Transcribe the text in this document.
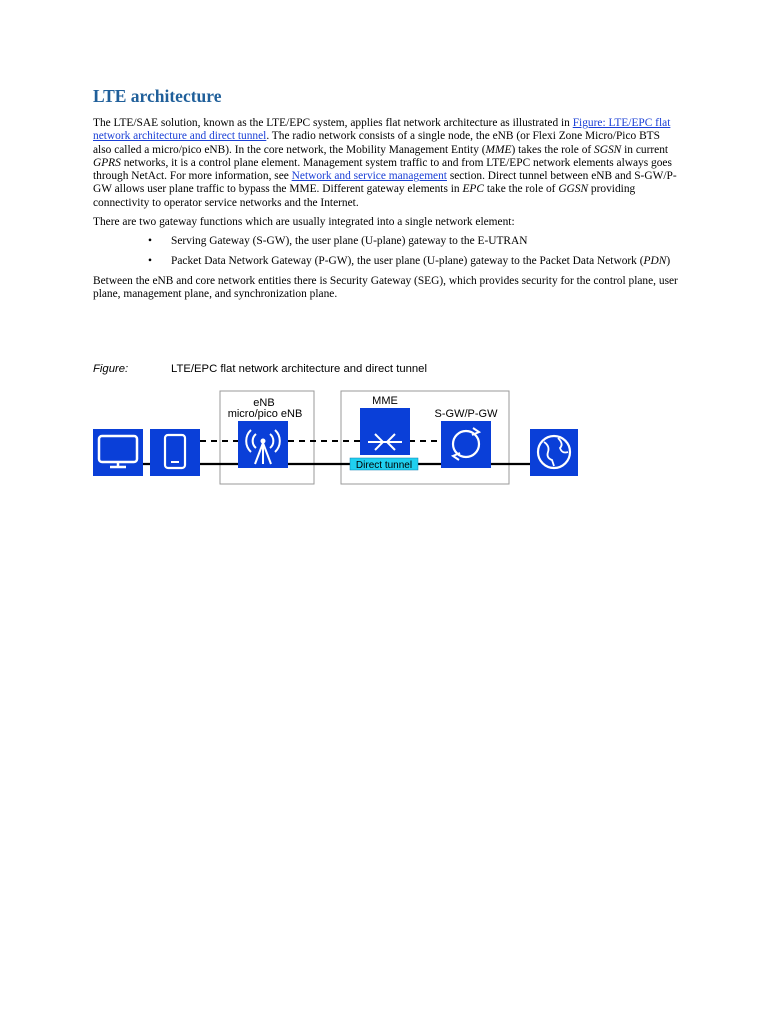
LTE architecture

The LTE/SAE solution, known as the LTE/EPC system, applies flat network architecture as illustrated in Figure: LTE/EPC flat network architecture and direct tunnel. The radio network consists of a single node, the eNB (or Flexi Zone Micro/Pico BTS also called a micro/pico eNB). In the core network, the Mobility Management Entity (MME) takes the role of SGSN in current GPRS networks, it is a control plane element. Management system traffic to and from LTE/EPC network elements always goes through NetAct. For more information, see Network and service management section. Direct tunnel between eNB and S-GW/P-GW allows user plane traffic to bypass the MME. Different gateway elements in EPC take the role of GGSN providing connectivity to operator service networks and the Internet.

There are two gateway functions which are usually integrated into a single network element:

• Serving Gateway (S-GW), the user plane (U-plane) gateway to the E-UTRAN
• Packet Data Network Gateway (P-GW), the user plane (U-plane) gateway to the Packet Data Network (PDN)

Between the eNB and core network entities there is Security Gateway (SEG), which provides security for the control plane, user plane, management plane, and synchronization plane.

Figure:	LTE/EPC flat network architecture and direct tunnel
eNB
micro/pico eNB
MME
S-GW/P-GW
Direct tunnel
